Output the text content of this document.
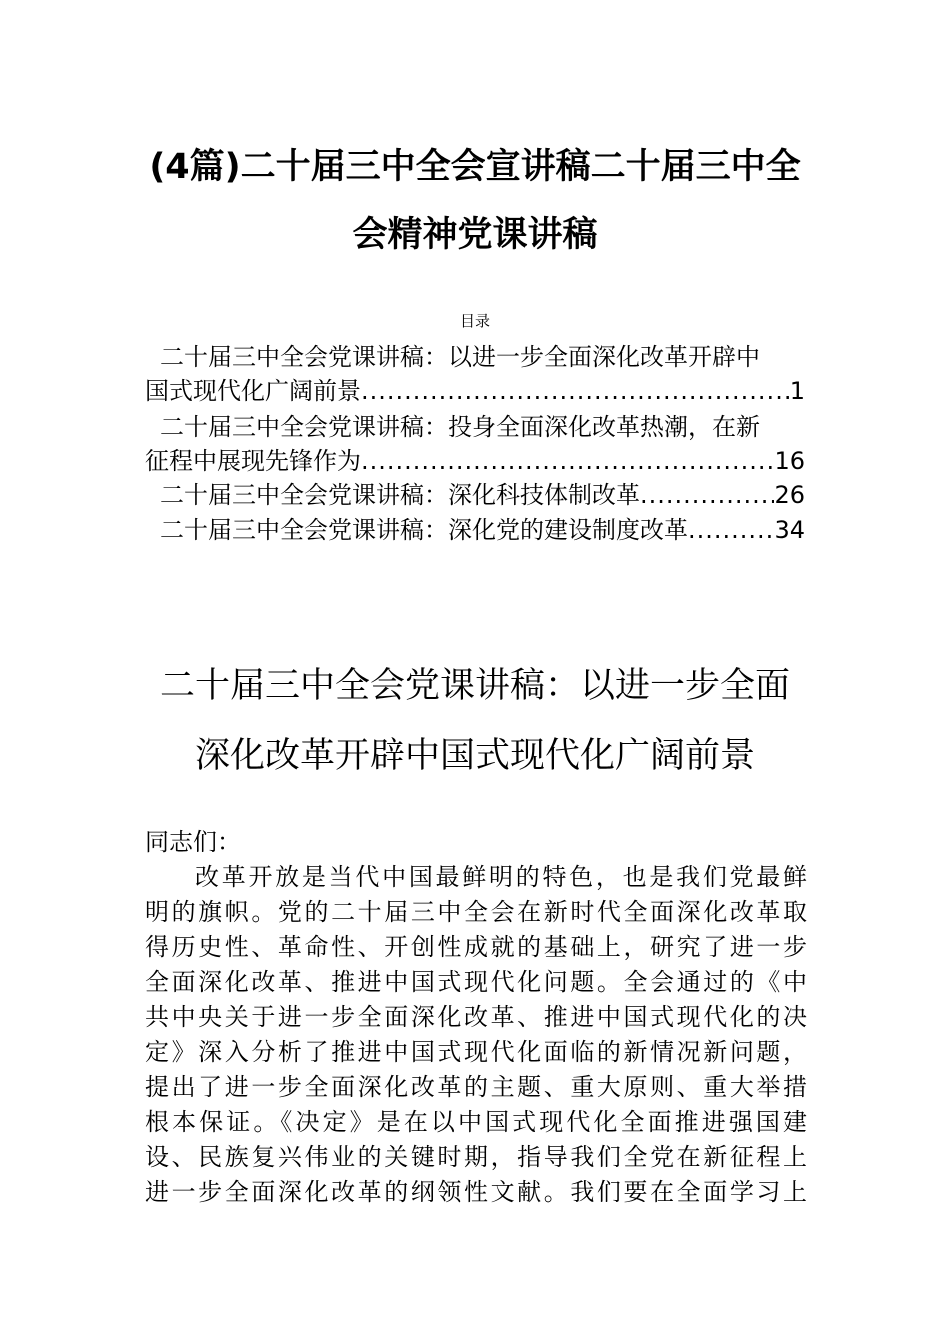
(4篇)二十届三中全会宣讲稿二十届三中全
会精神党课讲稿
目录
二十届三中全会党课讲稿：以进一步全面深化改革开辟中
国式现代化广阔前景 .....	1
二十届三中全会党课讲稿：投身全面深化改革热潮，在新
征程中展现先锋作为 .....	16
二十届三中全会党课讲稿：深化科技体制改革 .....	26
二十届三中全会党课讲稿：深化党的建设制度改革 .....	34
二十届三中全会党课讲稿：以进一步全面
深化改革开辟中国式现代化广阔前景
同志们：
改革开放是当代中国最鲜明的特色，也是我们党最鲜
明的旗帜。党的二十届三中全会在新时代全面深化改革取
得历史性、革命性、开创性成就的基础上，研究了进一步
全面深化改革、推进中国式现代化问题。全会通过的《中
共中央关于进一步全面深化改革、推进中国式现代化的决
定》深入分析了推进中国式现代化面临的新情况新问题，
提出了进一步全面深化改革的主题、重大原则、重大举措
根本保证。《决定》是在以中国式现代化全面推进强国建
设、民族复兴伟业的关键时期，指导我们全党在新征程上
进一步全面深化改革的纲领性文献。我们要在全面学习上
